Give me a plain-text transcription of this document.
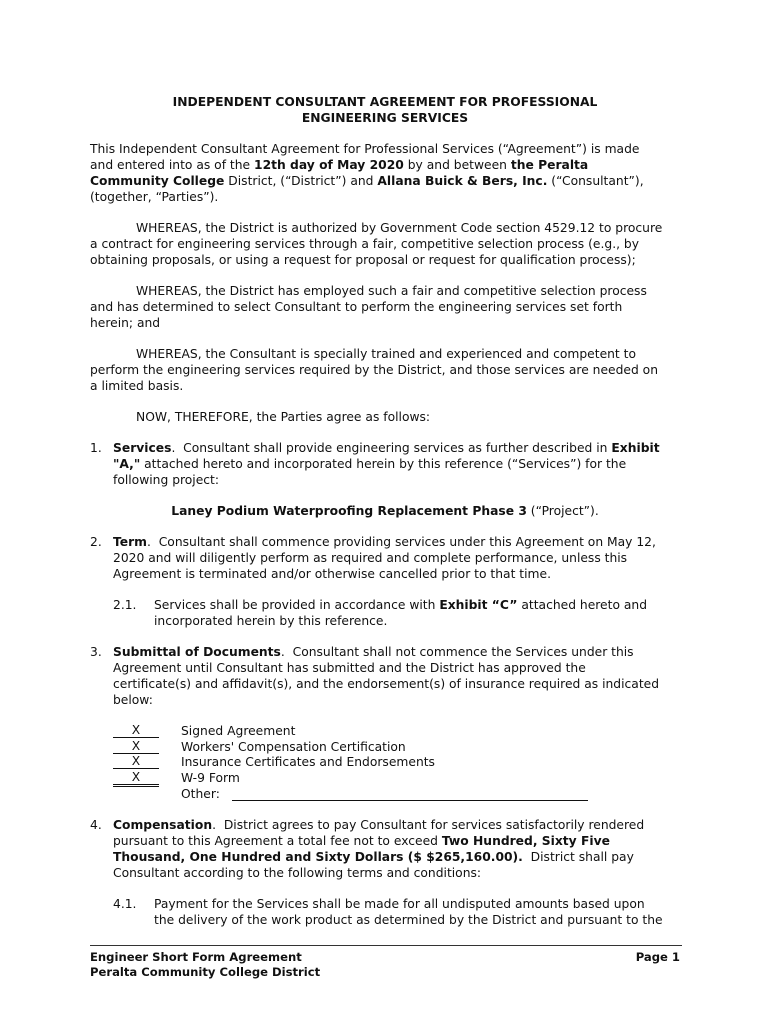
INDEPENDENT CONSULTANT AGREEMENT FOR PROFESSIONAL
ENGINEERING SERVICES
This Independent Consultant Agreement for Professional Services (“Agreement”) is made
and entered into as of the 12th day of May 2020 by and between the Peralta
Community College District, (“District”) and Allana Buick & Bers, Inc. (“Consultant”),
(together, “Parties”).
WHEREAS, the District is authorized by Government Code section 4529.12 to procure
a contract for engineering services through a fair, competitive selection process (e.g., by
obtaining proposals, or using a request for proposal or request for qualification process);
WHEREAS, the District has employed such a fair and competitive selection process
and has determined to select Consultant to perform the engineering services set forth
herein; and
WHEREAS, the Consultant is specially trained and experienced and competent to
perform the engineering services required by the District, and those services are needed on
a limited basis.
NOW, THEREFORE, the Parties agree as follows:
1. Services.  Consultant shall provide engineering services as further described in Exhibit
"A," attached hereto and incorporated herein by this reference (“Services”) for the
following project:
Laney Podium Waterproofing Replacement Phase 3 (“Project”).
2. Term.  Consultant shall commence providing services under this Agreement on May 12,
2020 and will diligently perform as required and complete performance, unless this
Agreement is terminated and/or otherwise cancelled prior to that time.
2.1. Services shall be provided in accordance with Exhibit “C” attached hereto and
incorporated herein by this reference.
3. Submittal of Documents.  Consultant shall not commence the Services under this
Agreement until Consultant has submitted and the District has approved the
certificate(s) and affidavit(s), and the endorsement(s) of insurance required as indicated
below:
X	Signed Agreement
X	Workers' Compensation Certification
X	Insurance Certificates and Endorsements
X	W-9 Form
Other:
4. Compensation.  District agrees to pay Consultant for services satisfactorily rendered
pursuant to this Agreement a total fee not to exceed Two Hundred, Sixty Five
Thousand, One Hundred and Sixty Dollars ($ $265,160.00).  District shall pay
Consultant according to the following terms and conditions:
4.1. Payment for the Services shall be made for all undisputed amounts based upon
the delivery of the work product as determined by the District and pursuant to the
Engineer Short Form Agreement
Peralta Community College District
Page 1
